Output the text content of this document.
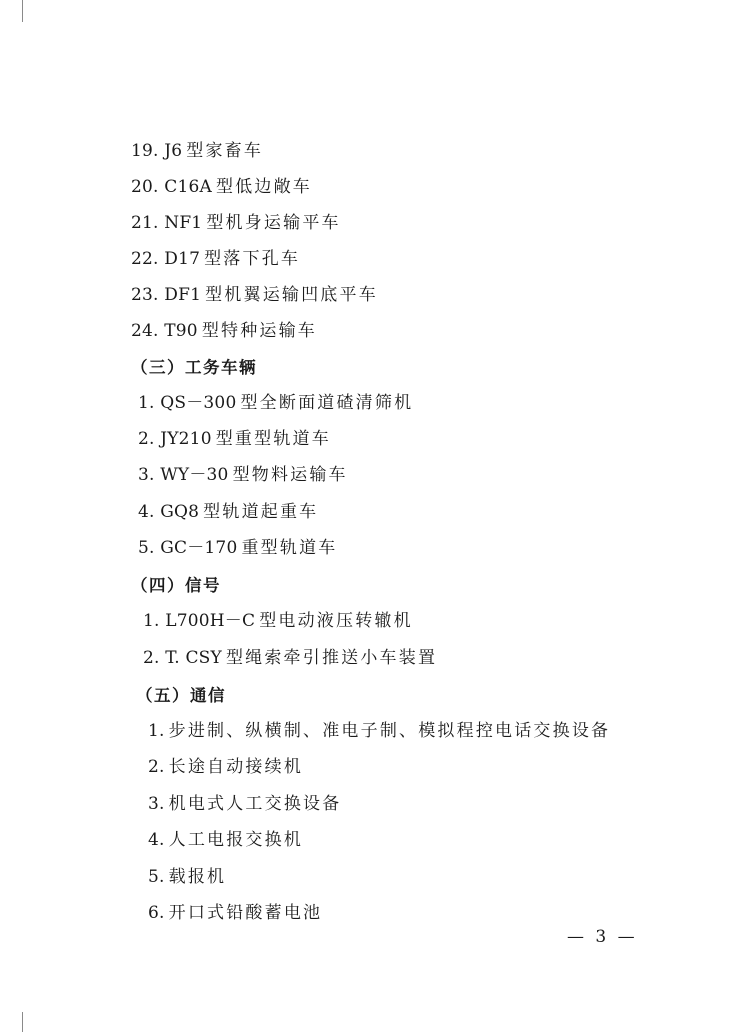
19. J6 型家畜车
20. C16A 型低边敞车
21. NF1 型机身运输平车
22. D17 型落下孔车
23. DF1 型机翼运输凹底平车
24. T90 型特种运输车
（三）工务车辆
1. QS－300 型全断面道碴清筛机
2. JY210 型重型轨道车
3. WY－30 型物料运输车
4. GQ8 型轨道起重车
5. GC－170 重型轨道车
（四）信号
1. L700H－C 型电动液压转辙机
2. T. CSY 型绳索牵引推送小车装置
（五）通信
1. 步进制、纵横制、准电子制、模拟程控电话交换设备
2. 长途自动接续机
3. 机电式人工交换设备
4. 人工电报交换机
5. 载报机
6. 开口式铅酸蓄电池
— 3 —
